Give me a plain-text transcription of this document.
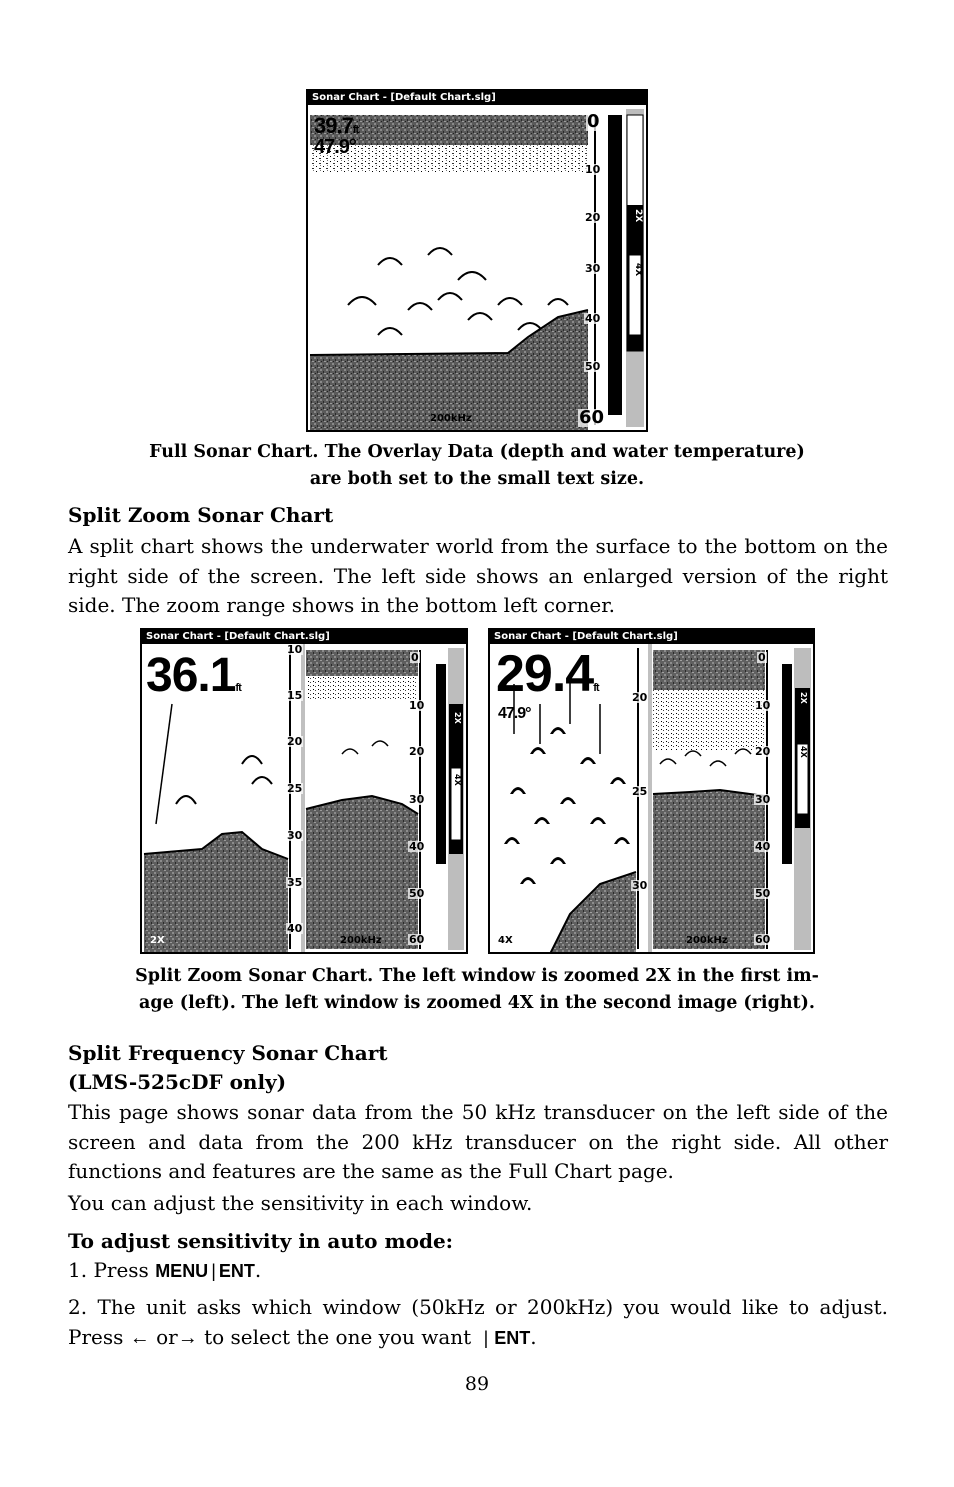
Sonar Chart - [Default Chart.slg]
39.7ft
47.9°
0
10
20
30
40
50
60
200kHz
2X
4X
Full Sonar Chart. The Overlay Data (depth and water temperature)
are both set to the small text size.
Split Zoom Sonar Chart
A split chart shows the underwater world from the surface to the bottom on the right side of the screen. The left side shows an enlarged version of the right side. The zoom range shows in the bottom left corner.
Sonar Chart - [Default Chart.slg]
36.1ft
10
15
20
25
30
35
40
0
10
20
30
40
50
60
2X	200kHz
2X
4X
Sonar Chart - [Default Chart.slg]
29.4ft
47.9°
20
25
30
0
10
20
30
40
50
60
4X	200kHz
2X
4X
Split Zoom Sonar Chart. The left window is zoomed 2X in the first im-
age (left). The left window is zoomed 4X in the second image (right).
Split Frequency Sonar Chart
(LMS-525cDF only)
This page shows sonar data from the 50 kHz transducer on the left side of the screen and data from the 200 kHz transducer on the right side. All other functions and features are the same as the Full Chart page.
You can adjust the sensitivity in each window.
To adjust sensitivity in auto mode:
1. Press MENU | ENT.
2. The unit asks which window (50kHz or 200kHz) you would like to adjust. Press ← or→ to select the one you want | ENT.
89
